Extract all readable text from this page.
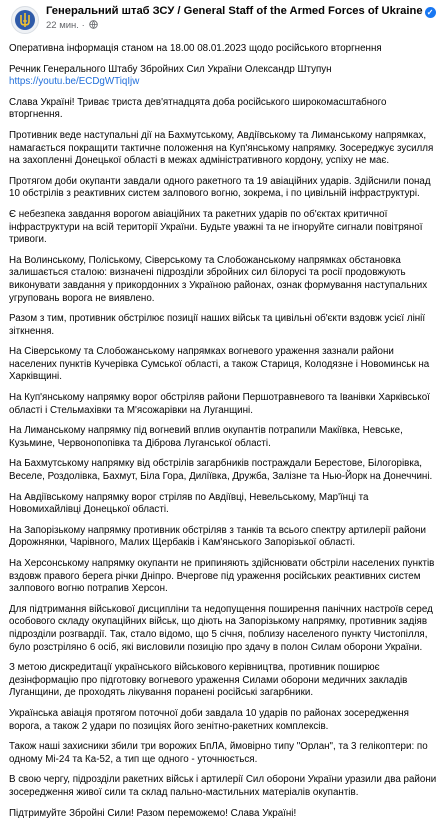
Генеральний штаб ЗСУ / General Staff of the Armed Forces of Ukraine ✓
22 мин. ·

Оперативна інформація станом на 18.00 08.01.2023 щодо російського вторгнення

Речник Генерального Штабу Збройних Сил України Олександр Штупун

https://youtu.be/ECDgWTiqIjw

Слава Україні! Триває триста дев'ятнадцята доба російського широкомасштабного вторгнення.

Противник веде наступальні дії на Бахмутському, Авдіївському та Лиманському напрямках, намагається покращити тактичне положення на Куп'янському напрямку. Зосереджує зусилля на захопленні Донецької області в межах адміністративного кордону, успіху не має.

Протягом доби окупанти завдали одного ракетного та 19 авіаційних ударів. Здійснили понад 10 обстрілів з реактивних систем залпового вогню, зокрема, і по цивільній інфраструктурі.

Є небезпека завдання ворогом авіаційних та ракетних ударів по об'єктах критичної інфраструктури на всій території України. Будьте уважні та не ігноруйте сигнали повітряної тривоги.

На Волинському, Поліському, Сіверському та Слобожанському напрямках обстановка залишається сталою: визначені підрозділи збройних сил білорусі та росії продовжують виконувати завдання у прикордонних з Україною районах, ознак формування наступальних угруповань ворога не виявлено.

Разом з тим, противник обстрілює позиції наших військ та цивільні об'єкти вздовж усієї лінії зіткнення.

На Сіверському та Слобожанському напрямках вогневого ураження зазнали райони населених пунктів Кучерівка Сумської області, а також Стариця, Колодязне і Новоминськ на Харківщині.

На Куп'янському напрямку ворог обстріляв райони Першотравневого та Іванівки Харківської області і Стельмахівки та М'ясожарівки на Луганщині.

На Лиманському напрямку під вогневий вплив окупантів потрапили Макіївка, Невське, Кузьмине, Червонопопівка та Діброва Луганської області.

На Бахмутському напрямку від обстрілів загарбників постраждали Берестове, Білогорівка, Веселе, Роздолівка, Бахмут, Біла Гора, Диліївка, Дружба, Залізне та Нью-Йорк на Донеччині.

На Авдіївському напрямку ворог стріляв по Авдіївці, Невельському, Мар'їнці та Новомихайлівці Донецької області.

На Запорізькому напрямку противник обстріляв з танків та всього спектру артилерії райони Дорожнянки, Чарівного, Малих Щербаків і Кам'янського Запорізької області.

На Херсонському напрямку окупанти не припиняють здійснювати обстріли населених пунктів вздовж правого берега річки Дніпро. Вчергове під ураження російських реактивних систем залпового вогню потрапив Херсон.

Для підтримання військової дисципліни та недопущення поширення панічних настроїв серед особового складу окупаційних військ, що діють на Запорізькому напрямку, противник задіяв підрозділи розгвардії. Так, стало відомо, що 5 січня, поблизу населеного пункту Чистопілля, було розстріляно 6 осіб, які висловили позицію про здачу в полон Силам оборони України.

З метою дискредитації українського військового керівництва, противник поширює дезінформацію про підготовку вогневого ураження Силами оборони медичних закладів Луганщини, де проходять лікування поранені російські загарбники.

Українська авіація протягом поточної доби завдала 10 ударів по районах зосередження ворога, а також 2 удари по позиціях його зенітно-ракетних комплексів.

Також наші захисники збили три ворожих БпЛА, ймовірно типу "Орлан", та 3 гелікоптери: по одному Мі-24 та Ка-52, а тип ще одного - уточнюється.

В свою чергу, підрозділи ракетних військ і артилерії Сил оборони України уразили два райони зосередження живої сили та склад пально-мастильних матеріалів окупантів.

Підтримуйте Збройні Сили! Разом переможемо! Слава Україні!
